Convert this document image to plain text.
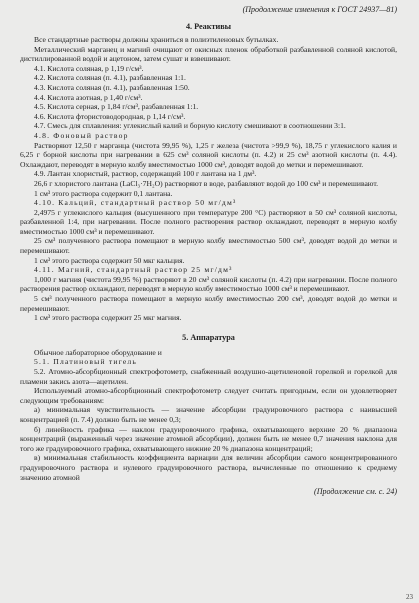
(Продолжение изменения к ГОСТ 24937—81)
4. Реактивы

Все стандартные растворы должны храниться в полиэтиленовых бутылках.

Металлический марганец и магний очищают от окисных пленок обработкой разбавленной соляной кислотой, дистиллированной водой и ацетоном, затем сушат и взвешивают.

4.1. Кислота соляная, р 1,19 г/см³.

4.2. Кислота соляная (п. 4.1), разбавленная 1:1.

4.3. Кислота соляная (п. 4.1), разбавленная 1:50.

4.4. Кислота азотная, р 1,40 г/см³.

4.5. Кислота серная, р 1,84 г/см³, разбавленная 1:1.

4.6. Кислота фтористоводородная, р 1,14 г/см³.

4.7. Смесь для сплавления: углекислый калий и борную кислоту смешивают в соотношении 3:1.

4.8. Фоновый раствор

Растворяют 12,50 г марганца (чистота 99,95 %), 1,25 г железа (чистота >99,9 %), 18,75 г углекислого калия и 6,25 г борной кислоты при нагревании в 625 см³ соляной кислоты (п. 4.2) и 25 см³ азотной кислоты (п. 4.4). Охлаждают, переводят в мерную колбу вместимостью 1000 см³, доводят водой до метки и перемешивают.

4.9. Лантан хлористый, раствор, содержащий 100 г лантана на 1 дм³.

26,6 г хлористого лантана (LaCl₃·7H₂O) растворяют в воде, разбавляют водой до 100 см³ и перемешивают.

1 см³ этого раствора содержит 0,1 лантана.

4.10. Кальций, стандартный раствор 50 мг/дм³

2,4975 г углекислого кальция (высушенного при температуре 200 °С) растворяют в 50 см³ соляной кислоты, разбавленной 1:4, при нагревании. После полного растворения раствор охлаждают, переводят в мерную колбу вместимостью 1000 см³ и перемешивают.

25 см³ полученного раствора помещают в мерную колбу вместимостью 500 см³, доводят водой до метки и перемешивают.

1 см³ этого раствора содержит 50 мкг кальция.

4.11. Магний, стандартный раствор 25 мг/дм³

1,000 г магния (чистота 99,95 %) растворяют в 20 см³ соляной кислоты (п. 4.2) при нагревании. После полного растворения раствор охлаждают, переводят в мерную колбу вместимостью 1000 см³ и перемешивают.

5 см³ полученного раствора помещают в мерную колбу вместимостью 200 см³, доводят водой до метки и перемешивают.

1 см³ этого раствора содержит 25 мкг магния.

5. Аппаратура

Обычное лабораторное оборудование и

5.1. Платиновый тигель

5.2. Атомно-абсорбционный спектрофотометр, снабженный воздушно-ацетиленовой горелкой и горелкой для пламени закись азота—ацетилен.

Используемый атомно-абсорбционный спектрофотометр следует считать пригодным, если он удовлетворяет следующим требованиям:

а) минимальная чувствительность — значение абсорбции градуировочного раствора с наивысшей концентрацией (п. 7.4) должно быть не менее 0,3;

б) линейность графика — наклон градуировочного графика, охватывающего верхние 20 % диапазона концентраций (выраженный через значение атомной абсорбции), должен быть не менее 0,7 значения наклона для того же градуировочного графика, охватывающего нижние 20 % диапазона концентраций;

в) минимальная стабильность коэффициента вариации для величин абсорбции самого концентрированного градуировочного раствора и нулевого градуировочного раствора, вычисленные по отношению к среднему значению атомной

(Продолжение см. с. 24)
23
